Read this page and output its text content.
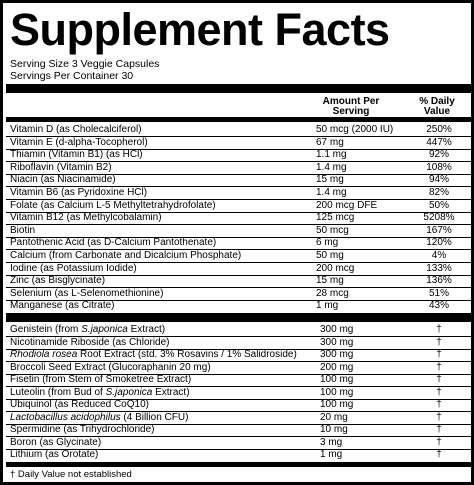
Supplement Facts
Serving Size 3 Veggie Capsules
Servings Per Container 30
Amount Per
Serving
% Daily
Value
Vitamin D (as Cholecalciferol)	50 mcg (2000 IU)	250%
Vitamin E (d-alpha-Tocopherol)	67 mg	447%
Thiamin (Vitamin B1) (as HCl)	1.1 mg	92%
Riboflavin (Vitamin B2)	1.4 mg	108%
Niacin (as Niacinamide)	15 mg	94%
Vitamin B6 (as Pyridoxine HCl)	1.4 mg	82%
Folate (as Calcium L-5 Methyltetrahydrofolate)	200 mcg DFE	50%
Vitamin B12 (as Methylcobalamin)	125 mcg	5208%
Biotin	50 mcg	167%
Pantothenic Acid (as D-Calcium Pantothenate)	6 mg	120%
Calcium (from Carbonate and Dicalcium Phosphate)	50 mg	4%
Iodine (as Potassium Iodide)	200 mcg	133%
Zinc (as Bisglycinate)	15 mg	136%
Selenium (as L-Selenomethionine)	28 mcg	51%
Manganese (as Citrate)	1 mg	43%
Genistein (from S.japonica Extract)	300 mg	†
Nicotinamide Riboside (as Chloride)	300 mg	†
Rhodiola rosea Root Extract (std. 3% Rosavins / 1% Salidroside) 300 mg	†
Broccoli Seed Extract (Glucoraphanin 20 mg)	200 mg	†
Fisetin (from Stem of Smoketree Extract)	100 mg	†
Luteolin (from Bud of S.japonica Extract)	100 mg	†
Ubiquinol (as Reduced CoQ10)	100 mg	†
Lactobacillus acidophilus (4 Billion CFU)	20 mg	†
Spermidine (as Trihydrochloride)	10 mg	†
Boron (as Glycinate)	3 mg	†
Lithium (as Orotate)	1 mg	†
† Daily Value not established
